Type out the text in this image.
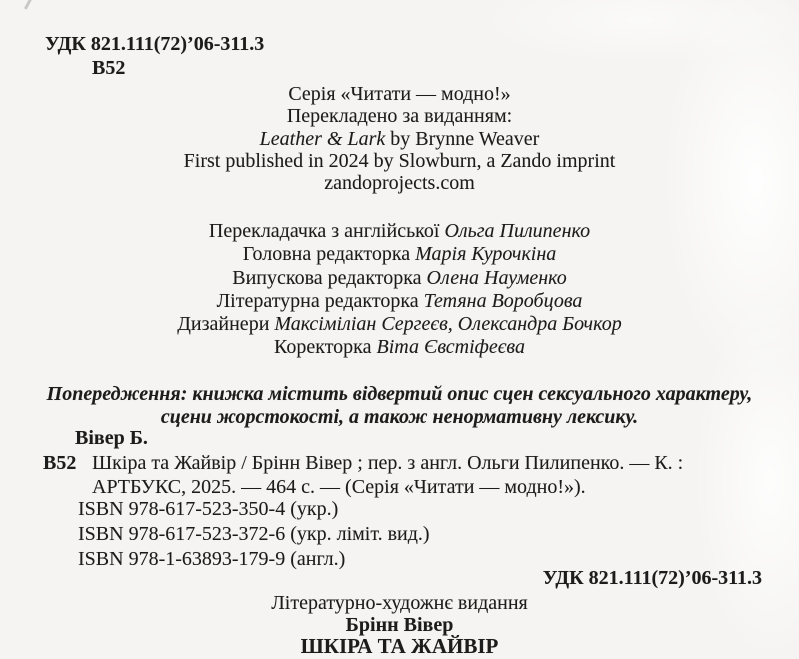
УДК 821.111(72)’06-311.3
В52
Серія «Читати — модно!»
Перекладено за виданням:
Leather & Lark by Brynne Weaver
First published in 2024 by Slowburn, a Zando imprint
zandoprojects.com
Перекладачка з англійської Ольга Пилипенко
Головна редакторка Марія Курочкіна
Випускова редакторка Олена Науменко
Літературна редакторка Тетяна Воробцова
Дизайнери Максіміліан Сергеєв, Олександра Бочкор
Коректорка Віта Євстіфеєва
Попередження: книжка містить відвертий опис сцен сексуального характеру,
сцени жорстокості, а також ненормативну лексику.
Вівер Б.
В52 Шкіра та Жайвір / Брінн Вівер ; пер. з англ. Ольги Пилипенко. — К. :
АРТБУКС, 2025. — 464 с. — (Серія «Читати — модно!»).
ISBN 978-617-523-350-4 (укр.)
ISBN 978-617-523-372-6 (укр. ліміт. вид.)
ISBN 978-1-63893-179-9 (англ.)
УДК 821.111(72)’06-311.3
Літературно-художнє видання
Брінн Вівер
ШКІРА ТА ЖАЙВІР
